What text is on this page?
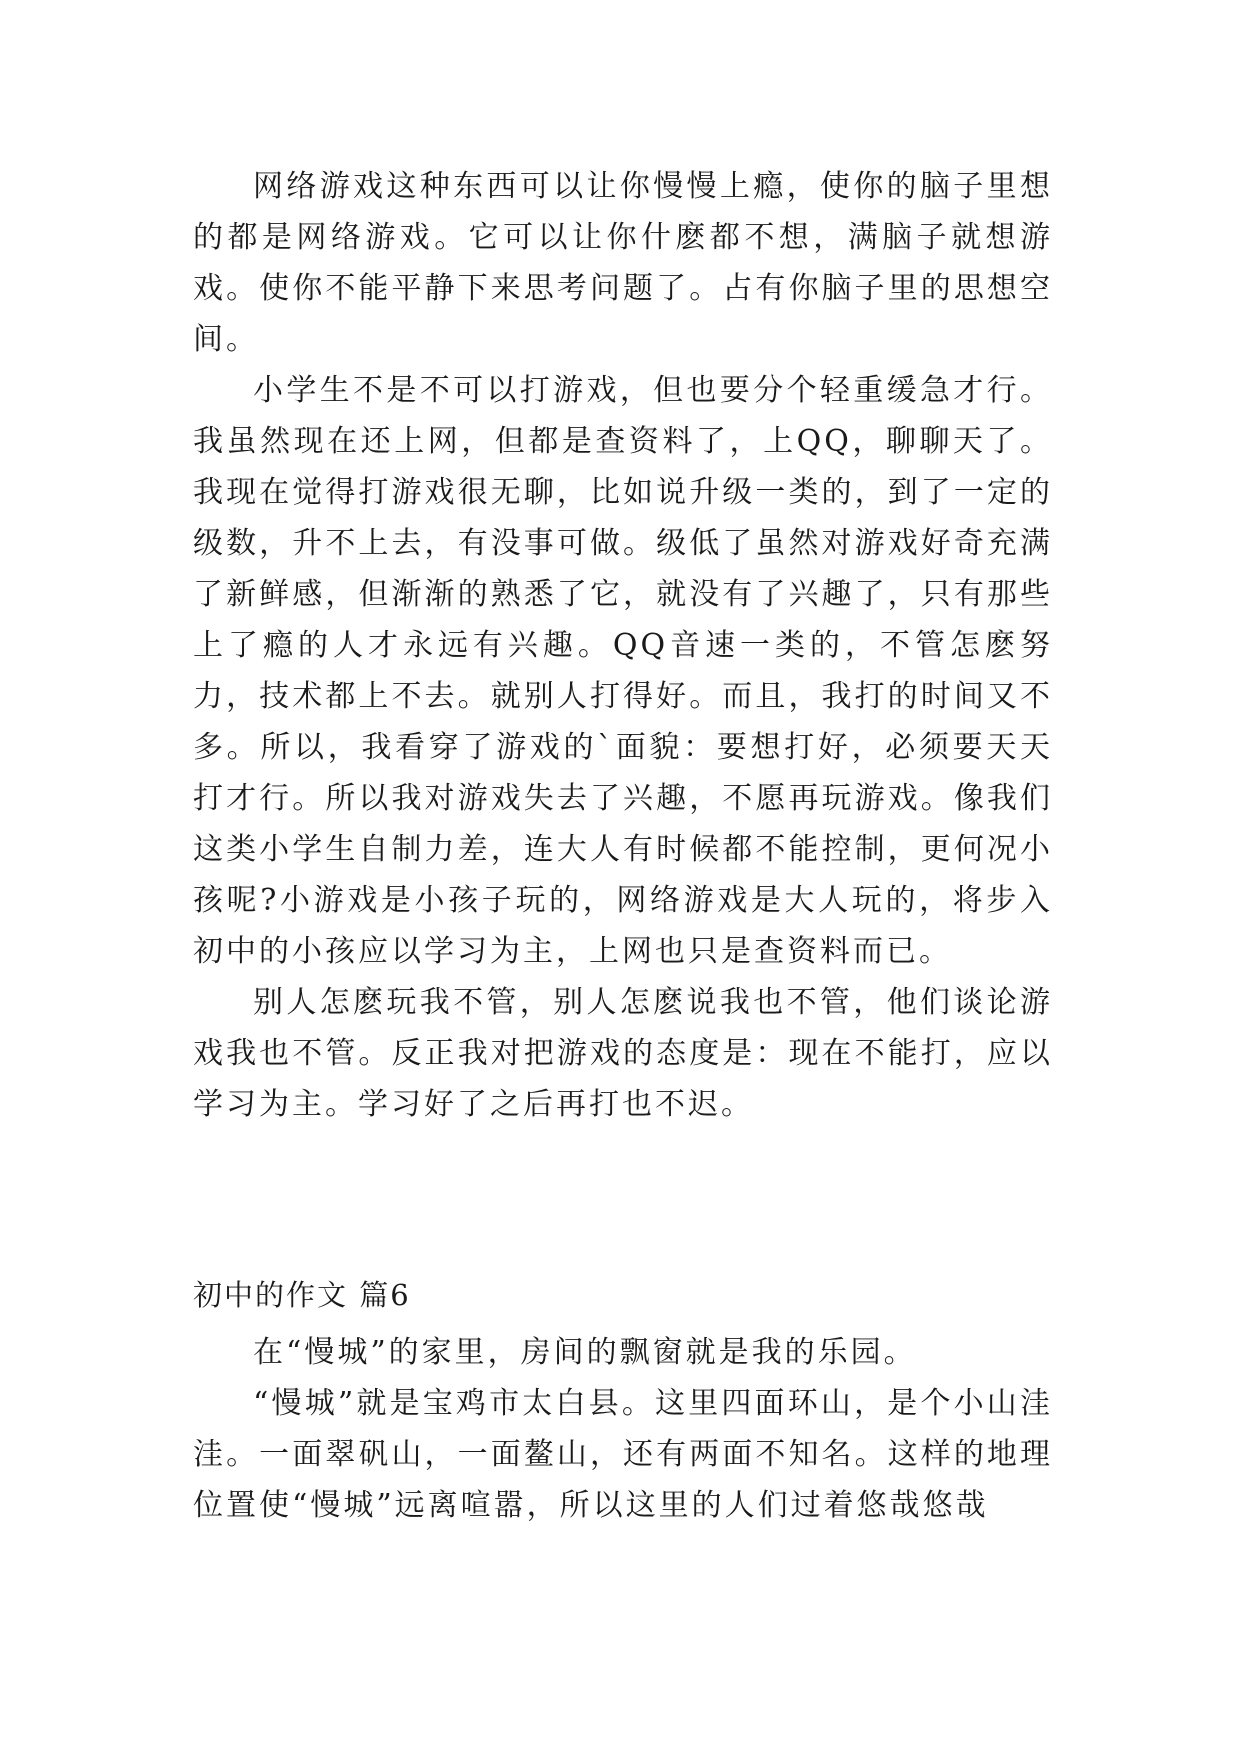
网络游戏这种东西可以让你慢慢上瘾，使你的脑子里想的都是网络游戏。它可以让你什麽都不想，满脑子就想游戏。使你不能平静下来思考问题了。占有你脑子里的思想空间。

小学生不是不可以打游戏，但也要分个轻重缓急才行。我虽然现在还上网，但都是查资料了，上QQ，聊聊天了。我现在觉得打游戏很无聊，比如说升级一类的，到了一定的级数，升不上去，有没事可做。级低了虽然对游戏好奇充满了新鲜感，但渐渐的熟悉了它，就没有了兴趣了，只有那些上了瘾的人才永远有兴趣。QQ音速一类的，不管怎麽努力，技术都上不去。就别人打得好。而且，我打的时间又不多。所以，我看穿了游戏的`面貌：要想打好，必须要天天打才行。所以我对游戏失去了兴趣，不愿再玩游戏。像我们这类小学生自制力差，连大人有时候都不能控制，更何况小孩呢?小游戏是小孩子玩的，网络游戏是大人玩的，将步入初中的小孩应以学习为主，上网也只是查资料而已。

别人怎麽玩我不管，别人怎麽说我也不管，他们谈论游戏我也不管。反正我对把游戏的态度是：现在不能打，应以学习为主。学习好了之后再打也不迟。

初中的作文 篇6

在“慢城”的家里，房间的飘窗就是我的乐园。

“慢城”就是宝鸡市太白县。这里四面环山，是个小山洼洼。一面翠矾山，一面鳌山，还有两面不知名。这样的地理位置使“慢城”远离喧嚣，所以这里的人们过着悠哉悠哉
